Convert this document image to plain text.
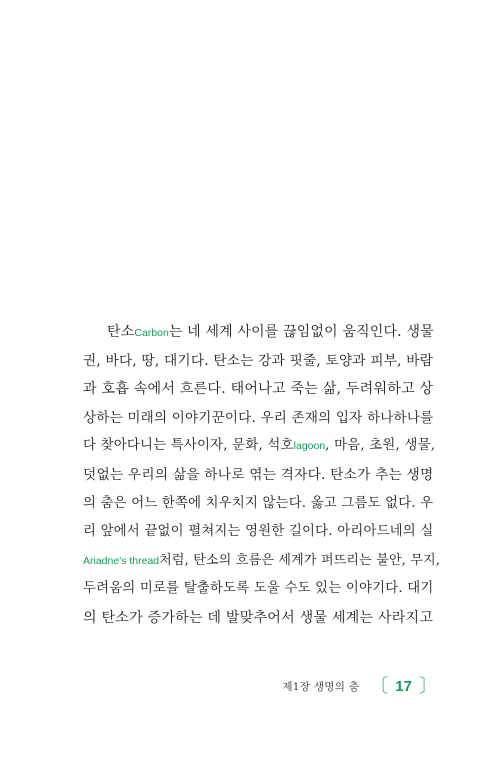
탄소Carbon는 네 세계 사이를 끊임없이 움직인다. 생물
권, 바다, 땅, 대기다. 탄소는 강과 핏줄, 토양과 피부, 바람
과 호흡 속에서 흐른다. 태어나고 죽는 삶, 두려워하고 상
상하는 미래의 이야기꾼이다. 우리 존재의 입자 하나하나를
다 찾아다니는 특사이자, 문화, 석호lagoon, 마음, 초원, 생물,
덧없는 우리의 삶을 하나로 엮는 격자다. 탄소가 추는 생명
의 춤은 어느 한쪽에 치우치지 않는다. 옳고 그름도 없다. 우
리 앞에서 끝없이 펼쳐지는 영원한 길이다. 아리아드네의 실
Ariadne's thread처럼, 탄소의 흐름은 세계가 퍼뜨리는 불안, 무지,
두려움의 미로를 탈출하도록 도울 수도 있는 이야기다. 대기
의 탄소가 증가하는 데 발맞추어서 생물 세계는 사라지고
제1장 생명의 춤 〔 17 〕
